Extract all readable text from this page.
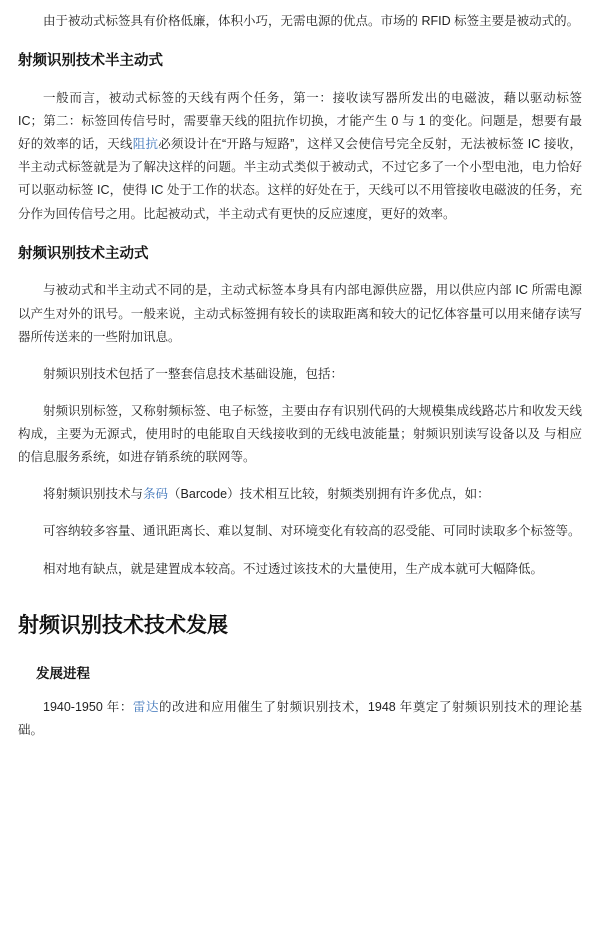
由于被动式标签具有价格低廉，体积小巧，无需电源的优点。市场的 RFID 标签主要是被动式的。

射频识别技术半主动式

一般而言，被动式标签的天线有两个任务，第一：接收读写器所发出的电磁波，藉以驱动标签 IC；第二：标签回传信号时，需要靠天线的阻抗作切换，才能产生 0 与 1 的变化。问题是，想要有最好的效率的话，天线阻抗必须设计在“开路与短路”，这样又会使信号完全反射，无法被标签 IC 接收，半主动式标签就是为了解决这样的问题。半主动式类似于被动式，不过它多了一个小型电池，电力恰好可以驱动标签 IC，使得 IC 处于工作的状态。这样的好处在于，天线可以不用管接收电磁波的任务，充分作为回传信号之用。比起被动式，半主动式有更快的反应速度，更好的效率。

射频识别技术主动式

与被动式和半主动式不同的是，主动式标签本身具有内部电源供应器，用以供应内部 IC 所需电源以产生对外的讯号。一般来说，主动式标签拥有较长的读取距离和较大的记忆体容量可以用来储存读写器所传送来的一些附加讯息。

射频识别技术包括了一整套信息技术基础设施，包括：

射频识别标签，又称射频标签、电子标签，主要由存有识别代码的大规模集成线路芯片和收发天线构成，主要为无源式，使用时的电能取自天线接收到的无线电波能量；射频识别读写设备以及 与相应的信息服务系统，如进存销系统的联网等。

将射频识别技术与条码（Barcode）技术相互比较，射频类别拥有许多优点，如：

可容纳较多容量、通讯距离长、难以复制、对环境变化有较高的忍受能、可同时读取多个标签等。

相对地有缺点，就是建置成本较高。不过透过该技术的大量使用，生产成本就可大幅降低。

射频识别技术技术发展
发展进程

1940-1950 年：雷达的改进和应用催生了射频识别技术，1948 年奠定了射频识别技术的理论基础。
